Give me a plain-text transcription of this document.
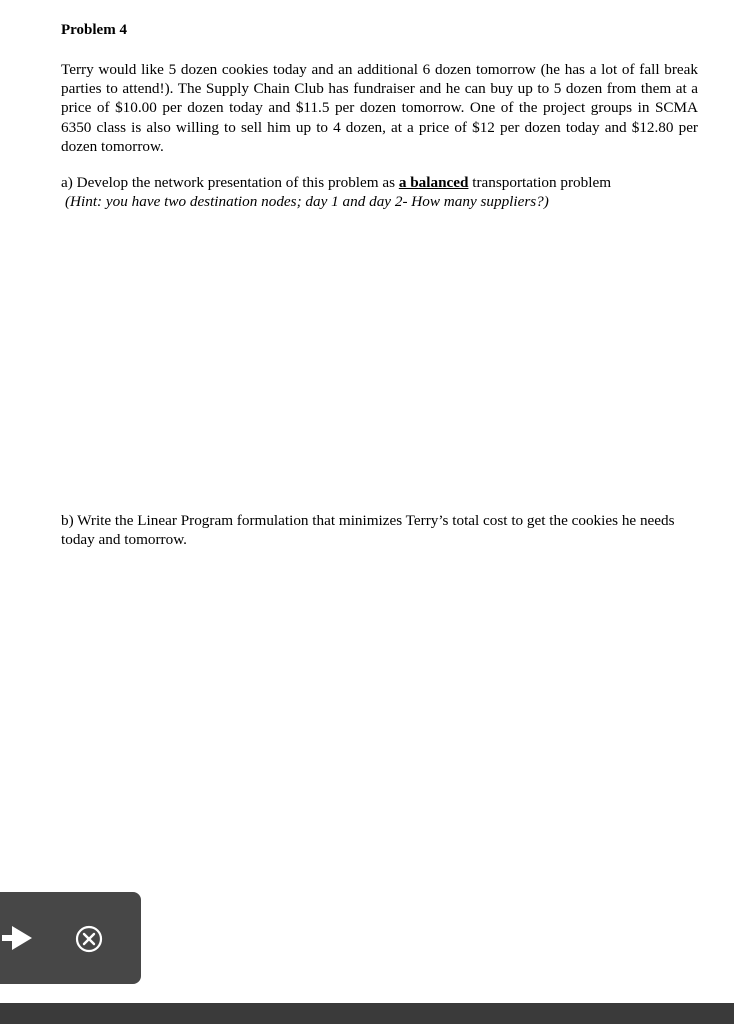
Problem 4

Terry would like 5 dozen cookies today and an additional 6 dozen tomorrow (he has a lot of fall break parties to attend!). The Supply Chain Club has fundraiser and he can buy up to 5 dozen from them at a price of $10.00 per dozen today and $11.5 per dozen tomorrow. One of the project groups in SCMA 6350 class is also willing to sell him up to 4 dozen, at a price of $12 per dozen today and $12.80 per dozen tomorrow.

a) Develop the network presentation of this problem as a balanced transportation problem

(Hint: you have two destination nodes; day 1 and day 2- How many suppliers?)

b) Write the Linear Program formulation that minimizes Terry’s total cost to get the cookies he needs today and tomorrow.
